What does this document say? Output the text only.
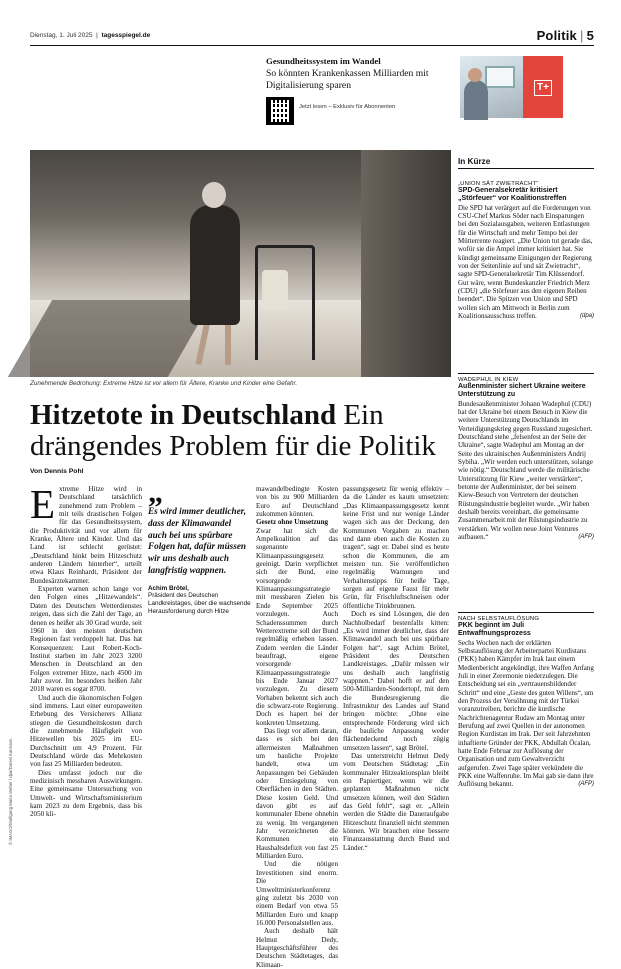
Dienstag, 1. Juli 2025  |  tagesspiegel.de	Politik | 5
Gesundheitssystem im Wandel
So könnten Krankenkassen Milliarden mit Digitalisierung sparen
Jetzt lesen – Exklusiv für Abonnenten
T+
Zunehmende Bedrohung: Extreme Hitze ist vor allem für Ältere, Kranke und Kinder eine Gefahr.
Hitzetote in Deutschland Ein drängendes Problem für die Politik
Von Dennis Pohl

Extreme Hitze wird in Deutschland tatsächlich zunehmend zum Problem – mit teils drastischen Folgen für das Gesundheitssystem, die Produktivität und vor allem für Kranke, Ältere und Kinder. Und das Land ist schlecht gerüstet: „Deutschland hinkt beim Hitzeschutz anderen Ländern hinterher“, urteilt etwa Klaus Reinhardt, Präsident der Bundesärztekammer.

Experten warnen schon lange vor den Folgen eines „Hitzewandels“. Daten des Deutschen Wetterdienstes zeigen, dass sich die Zahl der Tage, an denen es heißer als 30 Grad wurde, seit 1960 in den meisten deutschen Regionen fast verdoppelt hat. Das hat Konsequenzen: Laut Robert-Koch-Institut starben im Jahr 2023 3200 Menschen in Deutschland an den Folgen extremer Hitze, nach 4500 im Jahr zuvor. Im besonders heißen Jahr 2018 waren es sogar 8700.

Und auch die ökonomischen Folgen sind immens. Laut einer europaweiten Erhebung des Versicherers Allianz stiegen die Gesundheitskosten durch die zunehmende Häufigkeit von Hitzewellen bis 2025 im EU-Durchschnitt um 4,9 Prozent. Für Deutschland würde das Mehrkosten von fast 25 Milliarden bedeuten.

Dies umfasst jedoch nur die medizinisch messbaren Auswirkungen. Eine gemeinsame Untersuchung von Umwelt- und Wirtschaftsministerium kam 2023 zu dem Ergebnis, dass bis 2050 kli-

„
Es wird immer deutlicher, dass der Klimawandel auch bei uns spürbare Folgen hat, dafür müssen wir uns deshalb auch langfristig wappnen.
Achim Brötel,
Präsident des Deutschen Landkreistages, über die wachsende Herausforderung durch Hitze

mawandelbedingte Kosten von bis zu 900 Milliarden Euro auf Deutschland zukommen könnten.

Gesetz ohne Umsetzung

Zwar hat sich die Ampelkoalition auf das sogenannte Klimaanpassungsgesetz geeinigt. Darin verpflichtet sich der Bund, eine vorsorgende Klimaanpassungsstrategie mit messbaren Zielen bis Ende September 2025 vorzulegen. Auch Schadenssummen durch Wetterextreme soll der Bund regelmäßig erheben lassen. Zudem werden die Länder beauftragt, eigene vorsorgende Klimaanpassungsstrategie bis Ende Januar 2027 vorzulegen. Zu diesem Vorhaben bekennt sich auch die schwarz-rote Regierung. Doch es hapert bei der konkreten Umsetzung.

Das liegt vor allem daran, dass es sich bei den allermeisten Maßnahmen um bauliche Projekte handelt, etwa um Anpassungen bei Gebäuden oder Entsiegelung von Oberflächen in den Städten. Diese kosten Geld. Und davon gibt es auf kommunaler Ebene ohnehin zu wenig. Im vergangenen Jahr verzeichneten die Kommunen ein Haushaltsdefizit von fast 25 Milliarden Euro.

Und die nötigen Investitionen sind enorm. Die Umweltministerkonferenz ging zuletzt bis 2030 von einem Bedarf von etwa 55 Milliarden Euro und knapp 16.000 Personalstellen aus.

Auch deshalb hält Helmut Dedy, Hauptgeschäftsführer des Deutschen Städtetages, das Klimaan-

passungsgesetz für wenig effektiv – da die Länder es kaum umsetzten: „Das Klimaanpassungsgesetz kennt keine Frist und nur wenige Länder wagen sich aus der Deckung, den Kommunen Vorgaben zu machen und dann eben auch die Kosten zu tragen“, sagt er. Dabei sind es heute schon die Kommunen, die am meisten tun. Sie veröffentlichen regelmäßig Warnungen und Verhaltenstipps für heiße Tage, sorgen auf eigene Faust für mehr Grün, für Frischluftschneisen oder öffentliche Trinkbrunnen.

Doch es sind Lösungen, die den Nachholbedarf bestenfalls kitten: „Es wird immer deutlicher, dass der Klimawandel auch bei uns spürbare Folgen hat“, sagt Achim Brötel, Präsident des Deutschen Landkreistages. „Dafür müssen wir uns deshalb auch langfristig wappnen.“ Dabei hofft er auf den 500-Milliarden-Sondertopf, mit dem die Bundesregierung die Infrastruktur des Landes auf Stand bringen möchte: „Ohne eine entsprechende Förderung wird sich die bauliche Anpassung weder flächendeckend noch zügig umsetzen lassen“, sagt Brötel.

Das unterstreicht Helmut Dedy vom Deutschen Städtetag: „Ein kommunaler Hitzeaktionsplan bleibt ein Papiertiger, wenn wir die geplanten Maßnahmen nicht umsetzen können, weil den Städten das Geld fehlt“, sagt er. „Allein werden die Städte die Daueraufgabe Hitzeschutz finanziell nicht stemmen können. Wir brauchen eine bessere Finanzausstattung durch Bund und Länder.“

© IMAGO/Wolfgang Maria Weber / dpa/Daniel Karmann
In Kürze
„UNION SÄT ZWIETRACHT“
SPD-Generalsekretär kritisiert „Störfeuer“ vor Koalitionstreffen
Die SPD hat verärgert auf die Forderungen von CSU-Chef Markus Söder nach Einsparungen bei den Sozialausgaben, weiteren Entlastungen für die Wirtschaft und mehr Tempo bei der Mütterrente reagiert. „Die Union tut gerade das, wofür sie die Ampel immer kritisiert hat. Sie kündigt gemeinsame Einigungen der Regierung von der Seitenlinie auf und sät Zwietracht“, sagte SPD-Generalsekretär Tim Klüssendorf. Gut wäre, wenn Bundeskanzler Friedrich Merz (CDU) „die Störfeuer aus den eigenen Reihen beendet“. Die Spitzen von Union und SPD wollen sich am Mittwoch in Berlin zum Koalitionsausschuss treffen.	(dpa)
WADEPHUL IN KIEW
Außenminister sichert Ukraine weitere Unterstützung zu
Bundesaußenminister Johann Wadephul (CDU) hat der Ukraine bei einem Besuch in Kiew die weitere Unterstützung Deutschlands im Verteidigungskrieg gegen Russland zugesichert. Deutschland stehe „felsenfest an der Seite der Ukraine“, sagte Wadephul am Montag an der Seite des ukrainischen Außenministers Andrij Sybiha. „Wir werden euch unterstützen, solange wie nötig.“ Deutschland werde die militärische Unterstützung für Kiew „weiter verstärken“, betonte der Außenminister, der bei seinem Kiew-Besuch von Vertretern der deutschen Rüstungsindustrie begleitet wurde. „Wir haben deshalb bereits vereinbart, die gemeinsame Zusammenarbeit mit der Rüstungsindustrie zu verstärken. Wir wollen neue Joint Ventures aufbauen.“	(AFP)
NACH SELBSTAUFLÖSUNG
PKK beginnt im Juli Entwaffnungsprozess
Sechs Wochen nach der erklärten Selbstauflösung der Arbeiterpartei Kurdistans (PKK) haben Kämpfer im Irak laut einem Medienbericht angekündigt, ihre Waffen Anfang Juli in einer Zeremonie niederzulegen. Die Entscheidung sei ein „vertrauensbildender Schritt“ und eine „Geste des guten Willens“, um den Prozess der Versöhnung mit der Türkei voranzutreiben, berichte die kurdische Nachrichtenagentur Rudaw am Montag unter Berufung auf zwei Quellen in der autonomen Region Kurdistan im Irak. Der seit Jahrzehnten inhaftierte Gründer der PKK, Abdullah Öcalan, hatte Ende Februar zur Auflösung der Organisation und zum Gewaltverzicht aufgerufen. Zwei Tage später verkündete die PKK eine Waffenruhe. Im Mai gab sie dann ihre Auflösung bekannt.	(AFP)
